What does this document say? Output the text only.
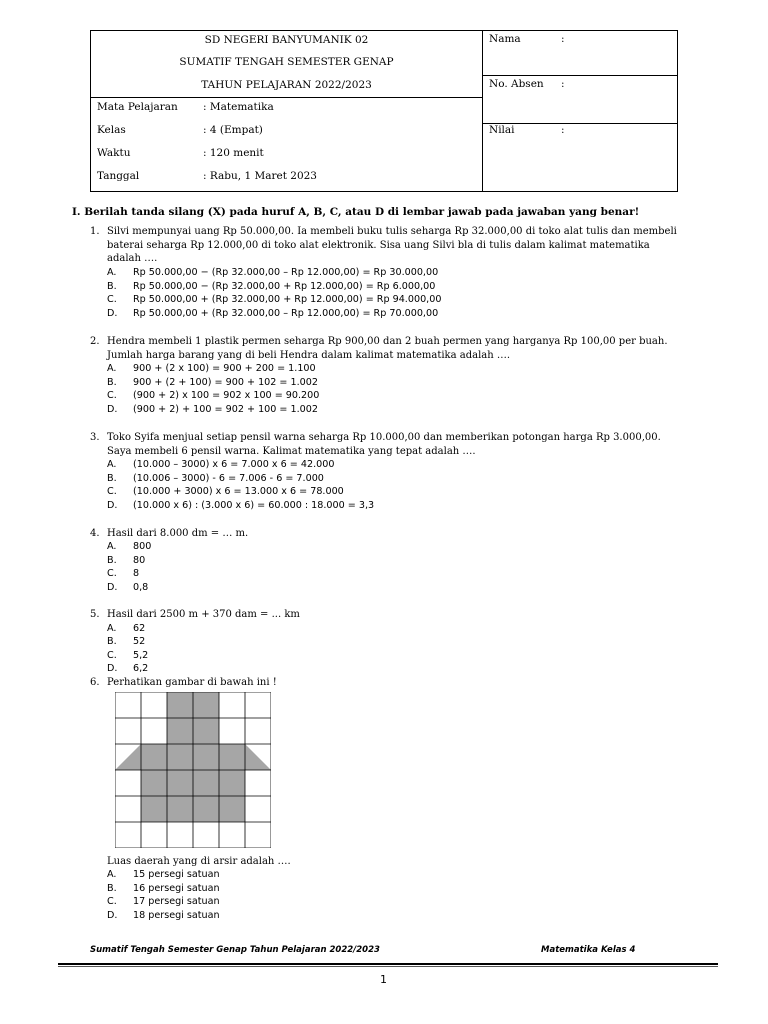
SD NEGERI BANYUMANIK 02
SUMATIF TENGAH SEMESTER GENAP
TAHUN PELAJARAN 2022/2023
Mata Pelajaran : Matematika
Kelas	: 4 (Empat)
Waktu	: 120 menit
Tanggal	: Rabu, 1 Maret 2023
Nama	:
No. Absen :
Nilai	:
I. Berilah tanda silang (X) pada huruf A, B, C, atau D di lembar jawab pada jawaban yang benar!
1. Silvi mempunyai uang Rp 50.000,00. Ia membeli buku tulis seharga Rp 32.000,00 di toko alat tulis dan membeli
baterai seharga Rp 12.000,00 di toko alat elektronik. Sisa uang Silvi bla di tulis dalam kalimat matematika
adalah ….
A. Rp 50.000,00 − (Rp 32.000,00 – Rp 12.000,00) = Rp 30.000,00
B. Rp 50.000,00 − (Rp 32.000,00 + Rp 12.000,00) = Rp 6.000,00
C. Rp 50.000,00 + (Rp 32.000,00 + Rp 12.000,00) = Rp 94.000,00
D. Rp 50.000,00 + (Rp 32.000,00 – Rp 12.000,00) = Rp 70.000,00
2. Hendra membeli 1 plastik permen seharga Rp 900,00 dan 2 buah permen yang harganya Rp 100,00 per buah.
Jumlah harga barang yang di beli Hendra dalam kalimat matematika adalah ….
A. 900 + (2 x 100) = 900 + 200 = 1.100
B. 900 + (2 + 100) = 900 + 102 = 1.002
C. (900 + 2) x 100 = 902 x 100 = 90.200
D. (900 + 2) + 100 = 902 + 100 = 1.002
3. Toko Syifa menjual setiap pensil warna seharga Rp 10.000,00 dan memberikan potongan harga Rp 3.000,00.
Saya membeli 6 pensil warna. Kalimat matematika yang tepat adalah ….
A. (10.000 – 3000) x 6 = 7.000 x 6 = 42.000
B. (10.006 – 3000) - 6 = 7.006 - 6 = 7.000
C. (10.000 + 3000) x 6 = 13.000 x 6 = 78.000
D. (10.000 x 6) : (3.000 x 6) = 60.000 : 18.000 = 3,3
4. Hasil dari 8.000 dm = … m.
A. 800
B. 80
C. 8
D. 0,8
5. Hasil dari 2500 m + 370 dam = ... km
A. 62
B. 52
C. 5,2
D. 6,2
6. Perhatikan gambar di bawah ini !
Luas daerah yang di arsir adalah ….
A. 15 persegi satuan
B. 16 persegi satuan
C. 17 persegi satuan
D. 18 persegi satuan
Sumatif Tengah Semester Genap Tahun Pelajaran 2022/2023	Matematika Kelas 4
1
